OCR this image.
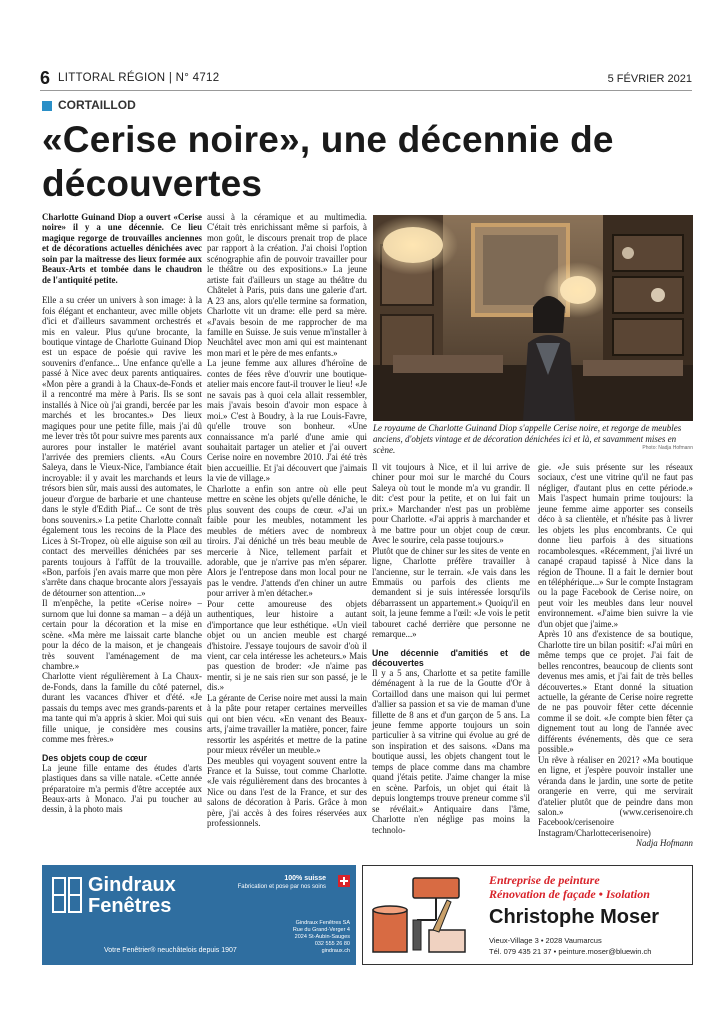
6 LITTORAL RÉGION | N° 4712	5 FÉVRIER 2021
CORTAILLOD
«Cerise noire», une décennie de découvertes

Charlotte Guinand Diop a ouvert «Cerise noire» il y a une décennie. Ce lieu magique regorge de trouvailles anciennes et de décorations actuelles dénichées avec soin par la maîtresse des lieux formée aux Beaux-Arts et tombée dans le chaudron de l'antiquité petite.

Elle a su créer un univers à son image: à la fois élégant et enchanteur, avec mille objets d'ici et d'ailleurs savamment orchestrés et mis en valeur. Plus qu'une brocante, la boutique vintage de Charlotte Guinand Diop est un espace de poésie qui ravive les souvenirs d'enfance... Une enfance qu'elle a passé à Nice avec deux parents antiquaires. «Mon père a grandi à la Chaux-de-Fonds et il a rencontré ma mère à Paris. Ils se sont installés à Nice où j'ai grandi, bercée par les marchés et les brocantes.» Des lieux magiques pour une petite fille, mais j'ai dû me lever très tôt pour suivre mes parents aux aurores pour installer le matériel avant l'arrivée des premiers clients. «Au Cours Saleya, dans le Vieux-Nice, l'ambiance était incroyable: il y avait les marchands et leurs trésors bien sûr, mais aussi des automates, le joueur d'orgue de barbarie et une chanteuse dans le style d'Edith Piaf... Ce sont de très bons souvenirs.» La petite Charlotte connaît également tous les recoins de la Place des Lices à St-Tropez, où elle aiguise son œil au contact des merveilles dénichées par ses parents toujours à l'affût de la trouvaille. «Bon, parfois j'en avais marre que mon père s'arrête dans chaque brocante alors j'essayais de détourner son attention...»

Il m'enpêche, la petite «Cerise noire» – surnom que lui donne sa maman – a déjà un certain pour la décoration et la mise en scène. «Ma mère me laissait carte blanche pour la déco de la maison, et je changeais très souvent l'aménagement de ma chambre.»

Charlotte vient régulièrement à La Chaux-de-Fonds, dans la famille du côté paternel, durant les vacances d'hiver et d'été. «Je passais du temps avec mes grands-parents et ma tante qui m'a appris à skier. Moi qui suis fille unique, je considère mes cousins comme mes frères.»

Des objets coup de cœur

La jeune fille entame des études d'arts plastiques dans sa ville natale. «Cette année préparatoire m'a permis d'être acceptée aux Beaux-arts à Monaco. J'ai pu toucher au dessin, à la photo mais

aussi à la céramique et au multimedia. C'était très enrichissant même si parfois, à mon goût, le discours prenait trop de place par rapport à la création. J'ai choisi l'option scénographie afin de pouvoir travailler pour le théâtre ou des expositions.» La jeune artiste fait d'ailleurs un stage au théâtre du Châtelet à Paris, puis dans une galerie d'art. A 23 ans, alors qu'elle termine sa formation, Charlotte vit un drame: elle perd sa mère. «J'avais besoin de me rapprocher de ma famille en Suisse. Je suis venue m'installer à Neuchâtel avec mon ami qui est maintenant mon mari et le père de mes enfants.»

La jeune femme aux allures d'héroïne de contes de fées rêve d'ouvrir une boutique-atelier mais encore faut-il trouver le lieu! «Je ne savais pas à quoi cela allait ressembler, mais j'avais besoin d'avoir mon espace à moi.» C'est à Boudry, à la rue Louis-Favre, qu'elle trouve son bonheur. «Une connaissance m'a parlé d'une amie qui souhaitait partager un atelier et j'ai ouvert Cerise noire en novembre 2010. J'ai été très bien accueillie. Et j'ai découvert que j'aimais la vie de village.»

Charlotte a enfin son antre où elle peut mettre en scène les objets qu'elle déniche, le plus souvent des coups de cœur. «J'ai un faible pour les meubles, notamment les meubles de métiers avec de nombreux tiroirs. J'ai déniché un très beau meuble de mercerie à Nice, tellement parfait et adorable, que je n'arrive pas m'en séparer. Alors je l'entrepose dans mon local pour ne pas le vendre. J'attends d'en chiner un autre pour arriver à m'en détacher.»

Pour cette amoureuse des objets authentiques, leur histoire a autant d'importance que leur esthétique. «Un vieil objet ou un ancien meuble est chargé d'histoire. J'essaye toujours de savoir d'où il vient, car cela intéresse les acheteurs.» Mais pas question de broder: «Je n'aime pas mentir, si je ne sais rien sur son passé, je le dis.»

La gérante de Cerise noire met aussi la main à la pâte pour retaper certaines merveilles qui ont bien vécu. «En venant des Beaux-arts, j'aime travailler la matière, poncer, faire ressortir les aspérités et mettre de la patine pour mieux révéler un meuble.»

Des meubles qui voyagent souvent entre la France et la Suisse, tout comme Charlotte. «Je vais régulièrement dans des brocantes à Nice ou dans l'est de la France, et sur des salons de décoration à Paris. Grâce à mon père, j'ai accès à des foires réservées aux professionnels.

Le royaume de Charlotte Guinand Diop s'appelle Cerise noire, et regorge de meubles anciens, d'objets vintage et de décoration dénichées ici et là, et savamment mises en scène.	Photo: Nadja Hofmann

Il vit toujours à Nice, et il lui arrive de chiner pour moi sur le marché du Cours Saleya où tout le monde m'a vu grandir. Il dit: c'est pour la petite, et on lui fait un prix.» Marchander n'est pas un problème pour Charlotte. «J'ai appris à marchander et à me battre pour un objet coup de cœur. Avec le sourire, cela passe toujours.»

Plutôt que de chiner sur les sites de vente en ligne, Charlotte préfère travailler à l'ancienne, sur le terrain. «Je vais dans les Emmaüs ou parfois des clients me demandent si je suis intéressée lorsqu'ils débarrassent un appartement.» Quoiqu'il en soit, la jeune femme a l'œil: «Je vois le petit tabouret caché derrière que personne ne remarque...»

Une décennie d'amitiés et de découvertes

Il y a 5 ans, Charlotte et sa petite famille déménagent à la rue de la Goutte d'Or à Cortaillod dans une maison qui lui permet d'allier sa passion et sa vie de maman d'une fillette de 8 ans et d'un garçon de 5 ans. La jeune femme apporte toujours un soin particulier à sa vitrine qui évolue au gré de son inspiration et des saisons. «Dans ma boutique aussi, les objets changent tout le temps de place comme dans ma chambre quand j'étais petite. J'aime changer la mise en scène. Parfois, un objet qui était là depuis longtemps trouve preneur comme s'il se révélait.» Antiquaire dans l'âme, Charlotte n'en néglige pas moins la technolo-

gie. «Je suis présente sur les réseaux sociaux, c'est une vitrine qu'il ne faut pas négliger, d'autant plus en cette période.» Mais l'aspect humain prime toujours: la jeune femme aime apporter ses conseils déco à sa clientèle, et n'hésite pas à livrer les objets les plus encombrants. Ce qui donne lieu parfois à des situations rocambolesques. «Récemment, j'ai livré un canapé crapaud tapissé à Nice dans la région de Thoune. Il a fait le dernier bout en téléphérique...» Sur le compte Instagram ou la page Facebook de Cerise noire, on peut voir les meubles dans leur nouvel environnement. «J'aime bien suivre la vie d'un objet que j'aime.»

Après 10 ans d'existence de sa boutique, Charlotte tire un bilan positif: «J'ai mûri en même temps que ce projet. J'ai fait de belles rencontres, beaucoup de clients sont devenus mes amis, et j'ai fait de très belles découvertes.» Etant donné la situation actuelle, la gérante de Cerise noire regrette de ne pas pouvoir fêter cette décennie comme il se doit. «Je compte bien fêter ça dignement tout au long de l'année avec différents événements, dès que ce sera possible.»

Un rêve à réaliser en 2021? «Ma boutique en ligne, et j'espère pouvoir installer une véranda dans le jardin, une sorte de petite orangerie en verre, qui me servirait d'atelier plutôt que de peindre dans mon salon.» (www.cerisenoire.ch Facebook/cerisenoire Instagram/Charlottecerisenoire)

Nadja Hofmann

Gindraux
Fenêtres
100% suisse
Fabrication et pose par nos soins
Gindraux Fenêtres SA
Rue du Grand-Verger 4
2024 St-Aubin-Sauges
032 555 26 80
gindraux.ch
Votre Fenêtrier® neuchâtelois depuis 1907
Entreprise de peinture
Rénovation de façade • Isolation
Christophe Moser
Vieux-Village 3 • 2028 Vaumarcus
Tél. 079 435 21 37 • peinture.moser@bluewin.ch
